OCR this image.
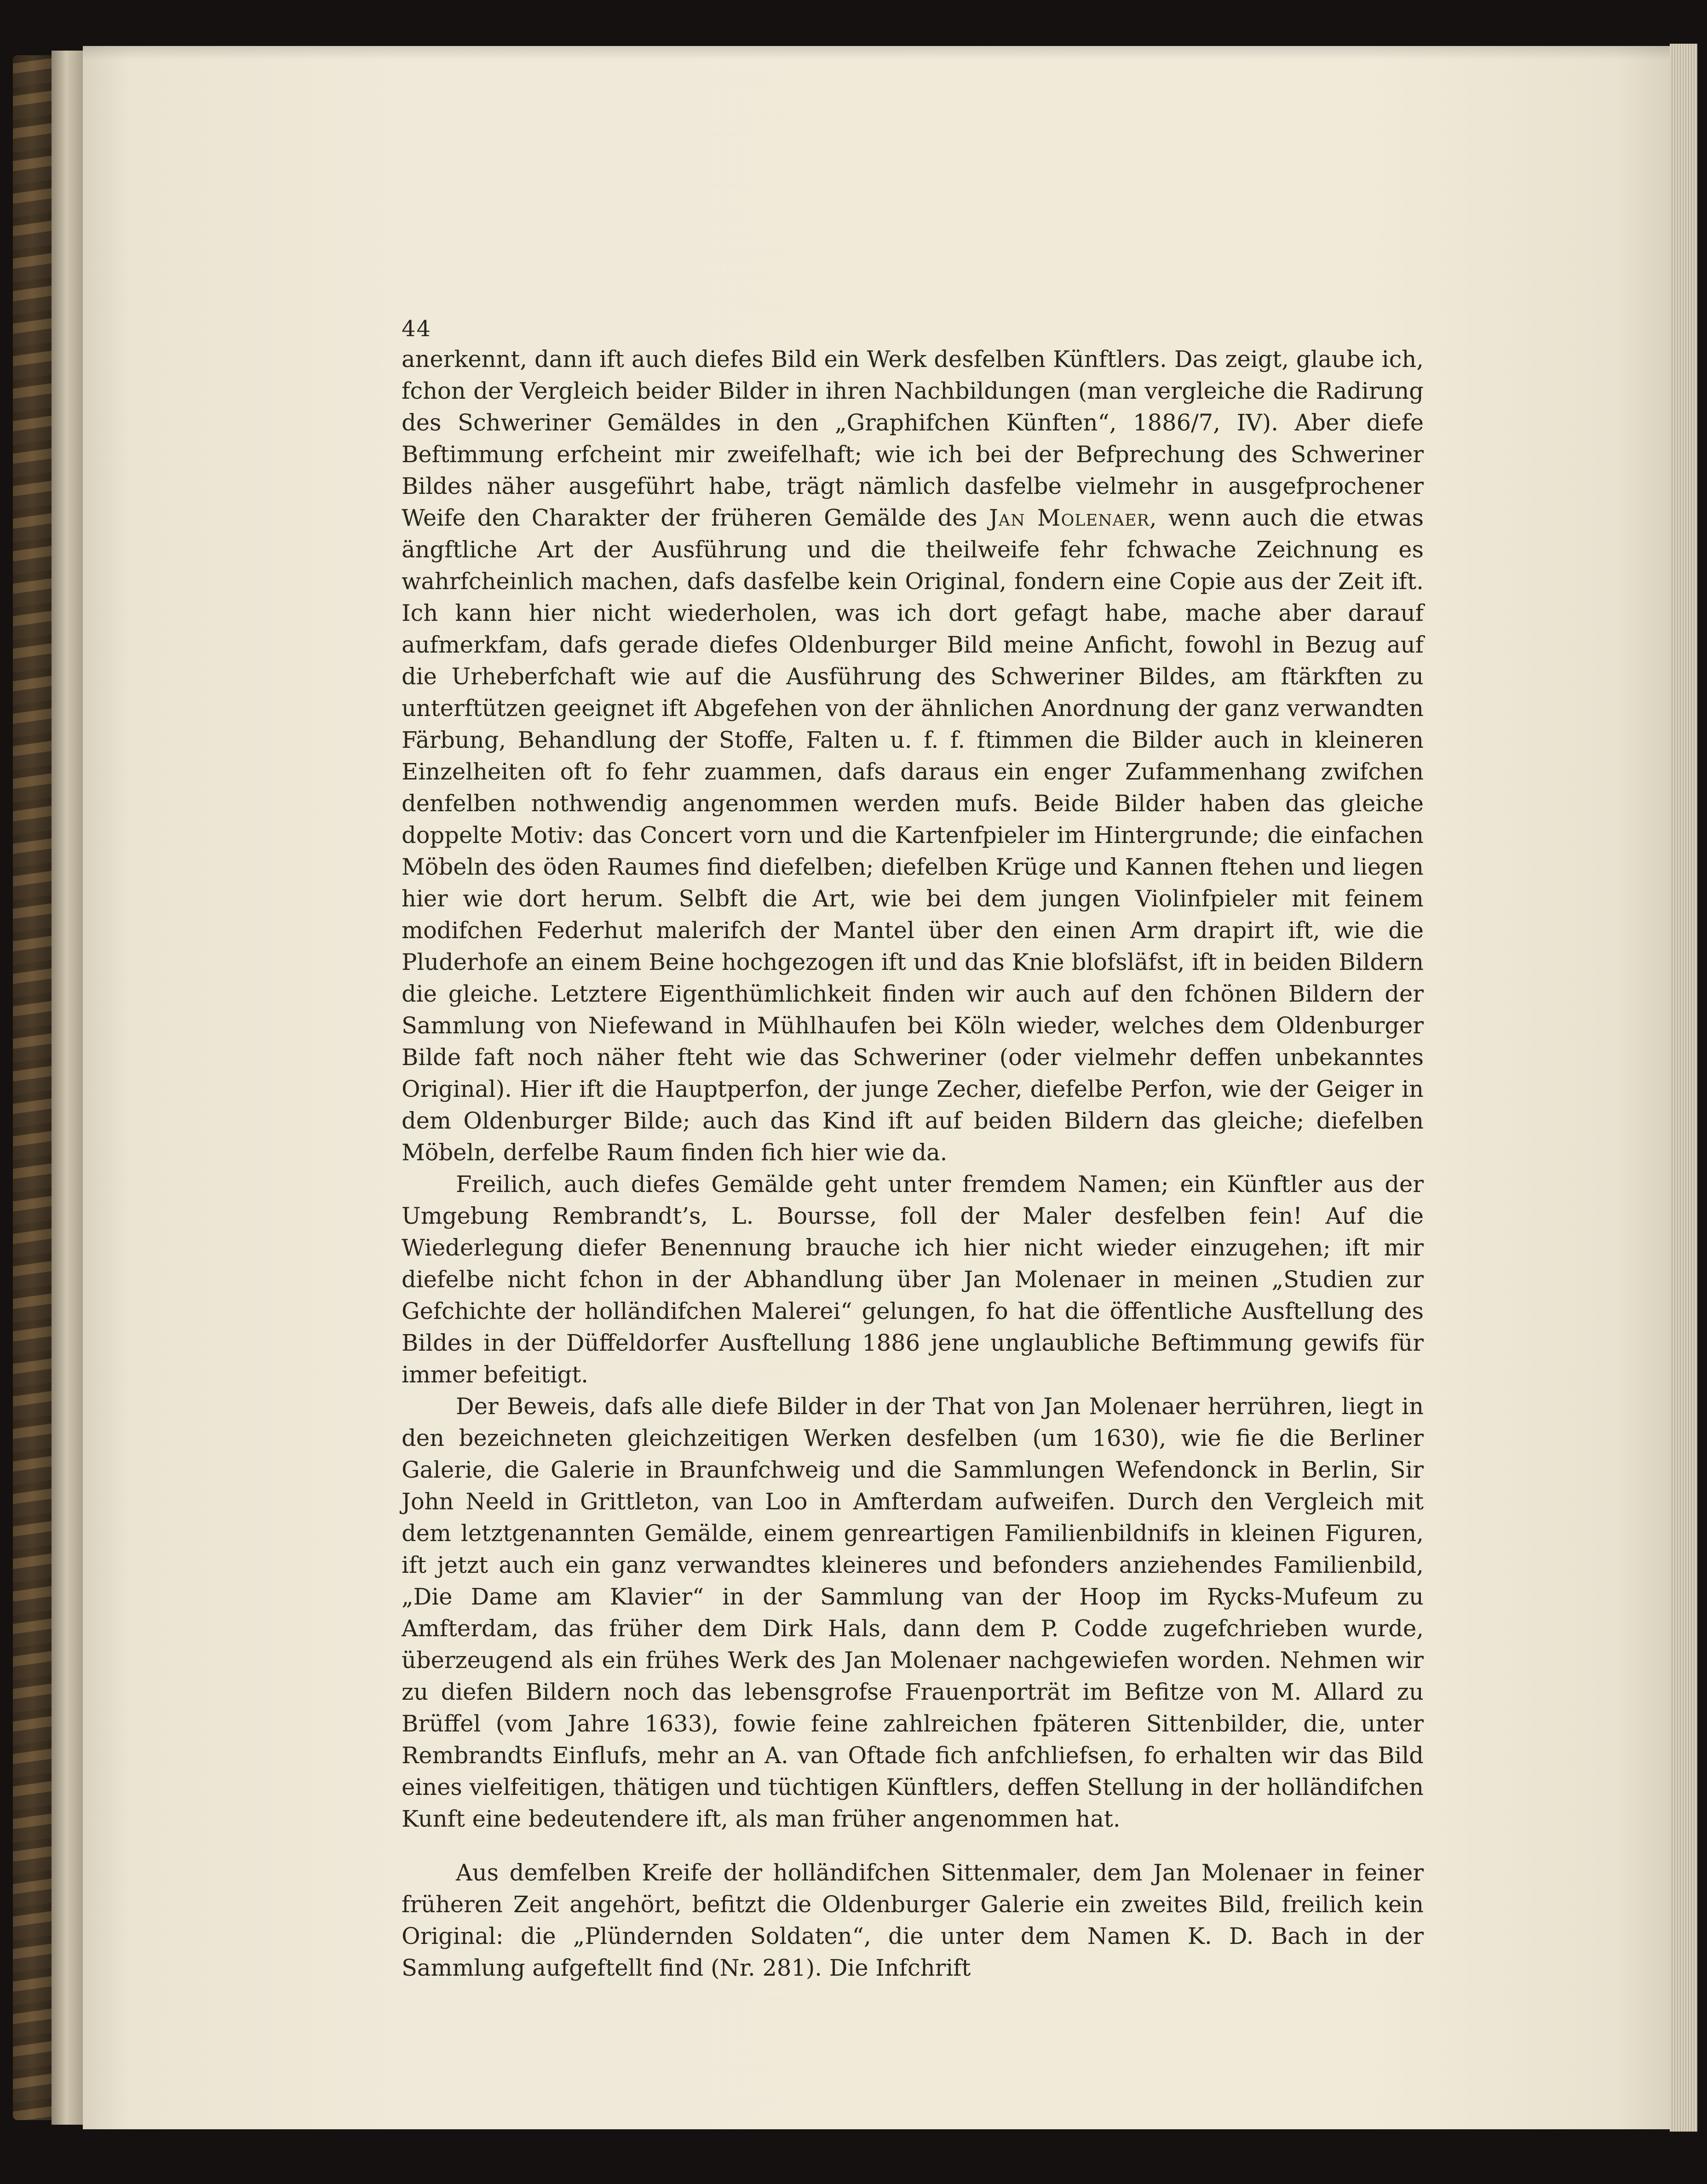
44

anerkennt, dann ift auch diefes Bild ein Werk desfelben Künftlers. Das zeigt, glaube ich, fchon der Vergleich beider Bilder in ihren Nachbildungen (man vergleiche die Radirung des Schweriner Gemäldes in den „Graphifchen Künften“, 1886/7, IV). Aber diefe Beftimmung erfcheint mir zweifelhaft; wie ich bei der Befprechung des Schweriner Bildes näher ausgeführt habe, trägt nämlich dasfelbe vielmehr in ausgefprochener Weife den Charakter der früheren Gemälde des Jan Molenaer, wenn auch die etwas ängftliche Art der Ausführung und die theilweife fehr fchwache Zeichnung es wahrfcheinlich machen, dafs dasfelbe kein Original, fondern eine Copie aus der Zeit ift. Ich kann hier nicht wiederholen, was ich dort gefagt habe, mache aber darauf aufmerkfam, dafs gerade diefes Oldenburger Bild meine Anficht, fowohl in Bezug auf die Urheberfchaft wie auf die Ausführung des Schweriner Bildes, am ftärkften zu unterftützen geeignet ift Abgefehen von der ähnlichen Anordnung der ganz verwandten Färbung, Behandlung der Stoffe, Falten u. f. f. ftimmen die Bilder auch in kleineren Einzelheiten oft fo fehr zuammen, dafs daraus ein enger Zufammenhang zwifchen denfelben nothwendig angenommen werden mufs. Beide Bilder haben das gleiche doppelte Motiv: das Concert vorn und die Kartenfpieler im Hintergrunde; die einfachen Möbeln des öden Raumes find diefelben; diefelben Krüge und Kannen ftehen und liegen hier wie dort herum. Selbft die Art, wie bei dem jungen Violinfpieler mit feinem modifchen Federhut malerifch der Mantel über den einen Arm drapirt ift, wie die Pluderhofe an einem Beine hochgezogen ift und das Knie blofsläfst, ift in beiden Bildern die gleiche. Letztere Eigenthümlichkeit finden wir auch auf den fchönen Bildern der Sammlung von Niefewand in Mühlhaufen bei Köln wieder, welches dem Oldenburger Bilde faft noch näher fteht wie das Schweriner (oder vielmehr deffen unbekanntes Original). Hier ift die Hauptperfon, der junge Zecher, diefelbe Perfon, wie der Geiger in dem Oldenburger Bilde; auch das Kind ift auf beiden Bildern das gleiche; diefelben Möbeln, derfelbe Raum finden fich hier wie da.

Freilich, auch diefes Gemälde geht unter fremdem Namen; ein Künftler aus der Umgebung Rembrandt’s, L. Boursse, foll der Maler desfelben fein! Auf die Wiederlegung diefer Benennung brauche ich hier nicht wieder einzugehen; ift mir diefelbe nicht fchon in der Abhandlung über Jan Molenaer in meinen „Studien zur Gefchichte der holländifchen Malerei“ gelungen, fo hat die öffentliche Ausftellung des Bildes in der Düffeldorfer Ausftellung 1886 jene unglaubliche Beftimmung gewifs für immer befeitigt.

Der Beweis, dafs alle diefe Bilder in der That von Jan Molenaer herrühren, liegt in den bezeichneten gleichzeitigen Werken desfelben (um 1630), wie fie die Berliner Galerie, die Galerie in Braunfchweig und die Sammlungen Wefendonck in Berlin, Sir John Neeld in Grittleton, van Loo in Amfterdam aufweifen. Durch den Vergleich mit dem letztgenannten Gemälde, einem genreartigen Familienbildnifs in kleinen Figuren, ift jetzt auch ein ganz verwandtes kleineres und befonders anziehendes Familienbild, „Die Dame am Klavier“ in der Sammlung van der Hoop im Rycks-Mufeum zu Amfterdam, das früher dem Dirk Hals, dann dem P. Codde zugefchrieben wurde, überzeugend als ein frühes Werk des Jan Molenaer nachgewiefen worden. Nehmen wir zu diefen Bildern noch das lebensgrofse Frauenporträt im Befitze von M. Allard zu Brüffel (vom Jahre 1633), fowie feine zahlreichen fpäteren Sittenbilder, die, unter Rembrandts Einflufs, mehr an A. van Oftade fich anfchliefsen, fo erhalten wir das Bild eines vielfeitigen, thätigen und tüchtigen Künftlers, deffen Stellung in der holländifchen Kunft eine bedeutendere ift, als man früher angenommen hat.

Aus demfelben Kreife der holländifchen Sittenmaler, dem Jan Molenaer in feiner früheren Zeit angehört, befitzt die Oldenburger Galerie ein zweites Bild, freilich kein Original: die „Plündernden Soldaten“, die unter dem Namen K. D. Bach in der Sammlung aufgeftellt find (Nr. 281). Die Infchrift
